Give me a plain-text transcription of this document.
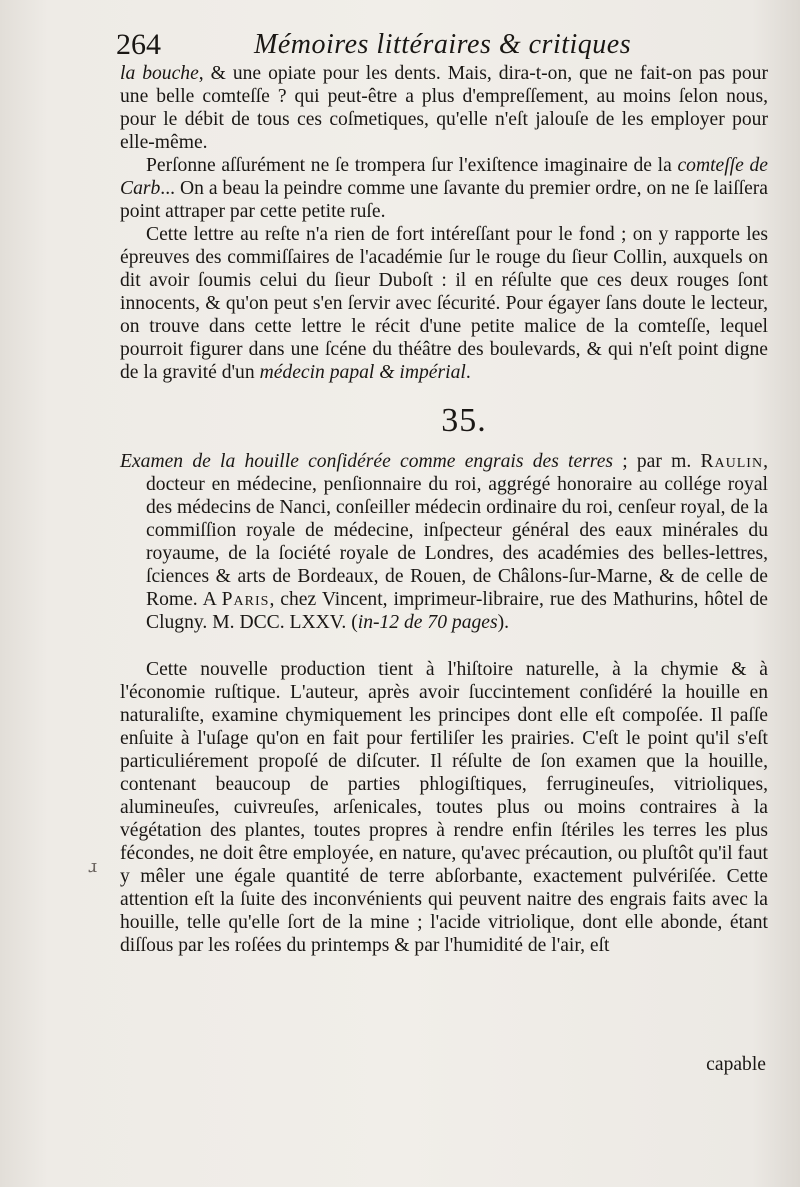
264	Mémoires littéraires & critiques

la bouche, & une opiate pour les dents. Mais, dira-t-on, que ne fait-on pas pour une belle comteſſe ? qui peut-être a plus d'empreſſement, au moins ſelon nous, pour le débit de tous ces coſmetiques, qu'elle n'eſt jalouſe de les employer pour elle-même.

Perſonne aſſurément ne ſe trompera ſur l'exiſtence imaginaire de la comteſſe de Carb... On a beau la peindre comme une ſavante du premier ordre, on ne ſe laiſſera point attraper par cette petite ruſe.

Cette lettre au reſte n'a rien de fort intéreſſant pour le fond ; on y rapporte les épreuves des commiſſaires de l'académie ſur le rouge du ſieur Collin, auxquels on dit avoir ſoumis celui du ſieur Duboſt : il en réſulte que ces deux rouges ſont innocents, & qu'on peut s'en ſervir avec ſécurité. Pour égayer ſans doute le lecteur, on trouve dans cette lettre le récit d'une petite malice de la comteſſe, lequel pourroit figurer dans une ſcéne du théâtre des boulevards, & qui n'eſt point digne de la gravité d'un médecin papal & impérial.

35.

Examen de la houille conſidérée comme engrais des terres ; par m. Raulin, docteur en médecine, penſionnaire du roi, aggrégé honoraire au collége royal des médecins de Nanci, conſeiller médecin ordinaire du roi, cenſeur royal, de la commiſſion royale de médecine, inſpecteur général des eaux minérales du royaume, de la ſociété royale de Londres, des académies des belles-lettres, ſciences & arts de Bordeaux, de Rouen, de Châlons-ſur-Marne, & de celle de Rome. A Paris, chez Vincent, imprimeur-libraire, rue des Mathurins, hôtel de Clugny. M. DCC. LXXV. (in-12 de 70 pages).

Cette nouvelle production tient à l'hiſtoire naturelle, à la chymie & à l'économie ruſtique. L'auteur, après avoir ſuccintement conſidéré la houille en naturaliſte, examine chymiquement les principes dont elle eſt compoſée. Il paſſe enſuite à l'uſage qu'on en fait pour fertiliſer les prairies. C'eſt le point qu'il s'eſt particuliérement propoſé de diſcuter. Il réſulte de ſon examen que la houille, contenant beaucoup de parties phlogiſtiques, ferrugineuſes, vitrioliques, alumineuſes, cuivreuſes, arſenicales, toutes plus ou moins contraires à la végétation des plantes, toutes propres à rendre enfin ſtériles les terres les plus fécondes, ne doit être employée, en nature, qu'avec précaution, ou pluſtôt qu'il faut y mêler une égale quantité de terre abſorbante, exactement pulvériſée. Cette attention eſt la ſuite des inconvénients qui peuvent naitre des engrais faits avec la houille, telle qu'elle ſort de la mine ; l'acide vitriolique, dont elle abonde, étant diſſous par les roſées du printemps & par l'humidité de l'air, eſt

ɹ
capable
